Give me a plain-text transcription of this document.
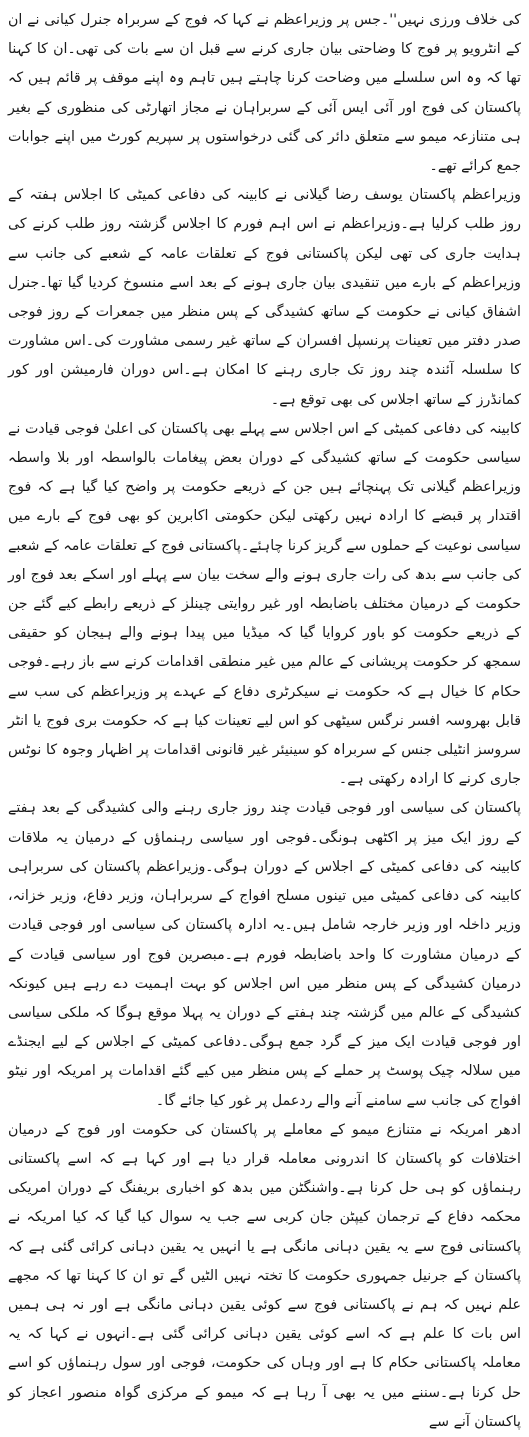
کی خلاف ورزی نہیں''۔جس پر وزیراعظم نے کہا کہ فوج کے سربراہ جنرل کیانی نے ان کے انٹرویو پر فوج کا وضاحتی بیان جاری کرنے سے قبل ان سے بات کی تھی۔ان کا کہنا تھا کہ وہ اس سلسلے میں وضاحت کرنا چاہتے ہیں تاہم وہ اپنے موقف پر قائم ہیں کہ پاکستان کی فوج اور آئی ایس آئی کے سربراہان نے مجاز اتھارٹی کی منظوری کے بغیر ہی متنازعہ میمو سے متعلق دائر کی گئی درخواستوں پر سپریم کورٹ میں اپنے جوابات جمع کرائے تھے۔

وزیراعظم پاکستان یوسف رضا گیلانی نے کابینہ کی دفاعی کمیٹی کا اجلاس ہفتہ کے روز طلب کرلیا ہے۔وزیراعظم نے اس اہم فورم کا اجلاس گزشتہ روز طلب کرنے کی ہدایت جاری کی تھی لیکن پاکستانی فوج کے تعلقات عامہ کے شعبے کی جانب سے وزیراعظم کے بارے میں تنقیدی بیان جاری ہونے کے بعد اسے منسوخ کردیا گیا تھا۔جنرل اشفاق کیانی نے حکومت کے ساتھ کشیدگی کے پس منظر میں جمعرات کے روز فوجی صدر دفتر میں تعینات پرنسپل افسران کے ساتھ غیر رسمی مشاورت کی۔اس مشاورت کا سلسلہ آئندہ چند روز تک جاری رہنے کا امکان ہے۔اس دوران فارمیشن اور کور کمانڈرز کے ساتھ اجلاس کی بھی توقع ہے۔

کابینہ کی دفاعی کمیٹی کے اس اجلاس سے پہلے بھی پاکستان کی اعلیٰ فوجی قیادت نے سیاسی حکومت کے ساتھ کشیدگی کے دوران بعض پیغامات بالواسطہ اور بلا واسطہ وزیراعظم گیلانی تک پہنچائے ہیں جن کے ذریعے حکومت پر واضح کیا گیا ہے کہ فوج اقتدار پر قبضے کا ارادہ نہیں رکھتی لیکن حکومتی اکابرین کو بھی فوج کے بارے میں سیاسی نوعیت کے حملوں سے گریز کرنا چاہئے۔پاکستانی فوج کے تعلقات عامہ کے شعبے کی جانب سے بدھ کی رات جاری ہونے والے سخت بیان سے پہلے اور اسکے بعد فوج اور حکومت کے درمیان مختلف باضابطہ اور غیر روایتی چینلز کے ذریعے رابطے کیے گئے جن کے ذریعے حکومت کو باور کروایا گیا کہ میڈیا میں پیدا ہونے والے ہیجان کو حقیقی سمجھ کر حکومت پریشانی کے عالم میں غیر منطقی اقدامات کرنے سے باز رہے۔فوجی حکام کا خیال ہے کہ حکومت نے سیکرٹری دفاع کے عہدے پر وزیراعظم کی سب سے قابل بھروسہ افسر نرگس سیٹھی کو اس لیے تعینات کیا ہے کہ حکومت بری فوج یا انٹر سروسز انٹیلی جنس کے سربراہ کو سینیئر غیر قانونی اقدامات پر اظہار وجوہ کا نوٹس جاری کرنے کا ارادہ رکھتی ہے۔

پاکستان کی سیاسی اور فوجی قیادت چند روز جاری رہنے والی کشیدگی کے بعد ہفتے کے روز ایک میز پر اکٹھی ہونگی۔فوجی اور سیاسی رہنماؤں کے درمیان یہ ملاقات کابینہ کی دفاعی کمیٹی کے اجلاس کے دوران ہوگی۔وزیراعظم پاکستان کی سربراہی کابینہ کی دفاعی کمیٹی میں تینوں مسلح افواج کے سربراہان، وزیر دفاع، وزیر خزانہ، وزیر داخلہ اور وزیر خارجہ شامل ہیں۔یہ ادارہ پاکستان کی سیاسی اور فوجی قیادت کے درمیان مشاورت کا واحد باضابطہ فورم ہے۔مبصرین فوج اور سیاسی قیادت کے درمیان کشیدگی کے پس منظر میں اس اجلاس کو بہت اہمیت دے رہے ہیں کیونکہ کشیدگی کے عالم میں گزشتہ چند ہفتے کے دوران یہ پہلا موقع ہوگا کہ ملکی سیاسی اور فوجی قیادت ایک میز کے گرد جمع ہوگی۔دفاعی کمیٹی کے اجلاس کے لیے ایجنڈے میں سلالہ چیک پوسٹ پر حملے کے پس منظر میں کیے گئے اقدامات پر امریکہ اور نیٹو افواج کی جانب سے سامنے آنے والے ردعمل پر غور کیا جائے گا۔

ادھر امریکہ نے متنازع میمو کے معاملے پر پاکستان کی حکومت اور فوج کے درمیان اختلافات کو پاکستان کا اندرونی معاملہ قرار دیا ہے اور کہا ہے کہ اسے پاکستانی رہنماؤں کو ہی حل کرنا ہے۔واشنگٹن میں بدھ کو اخباری بریفنگ کے دوران امریکی محکمہ دفاع کے ترجمان کیپٹن جان کربی سے جب یہ سوال کیا گیا کہ کیا امریکہ نے پاکستانی فوج سے یہ یقین دہانی مانگی ہے یا انہیں یہ یقین دہانی کرائی گئی ہے کہ پاکستان کے جرنیل جمہوری حکومت کا تختہ نہیں الٹیں گے تو ان کا کہنا تھا کہ مجھے علم نہیں کہ ہم نے پاکستانی فوج سے کوئی یقین دہانی مانگی ہے اور نہ ہی ہمیں اس بات کا علم ہے کہ اسے کوئی یقین دہانی کرائی گئی ہے۔انہوں نے کہا کہ یہ معاملہ پاکستانی حکام کا ہے اور وہاں کی حکومت، فوجی اور سول رہنماؤں کو اسے حل کرنا ہے۔سننے میں یہ بھی آ رہا ہے کہ میمو کے مرکزی گواہ منصور اعجاز کو پاکستان آنے سے
